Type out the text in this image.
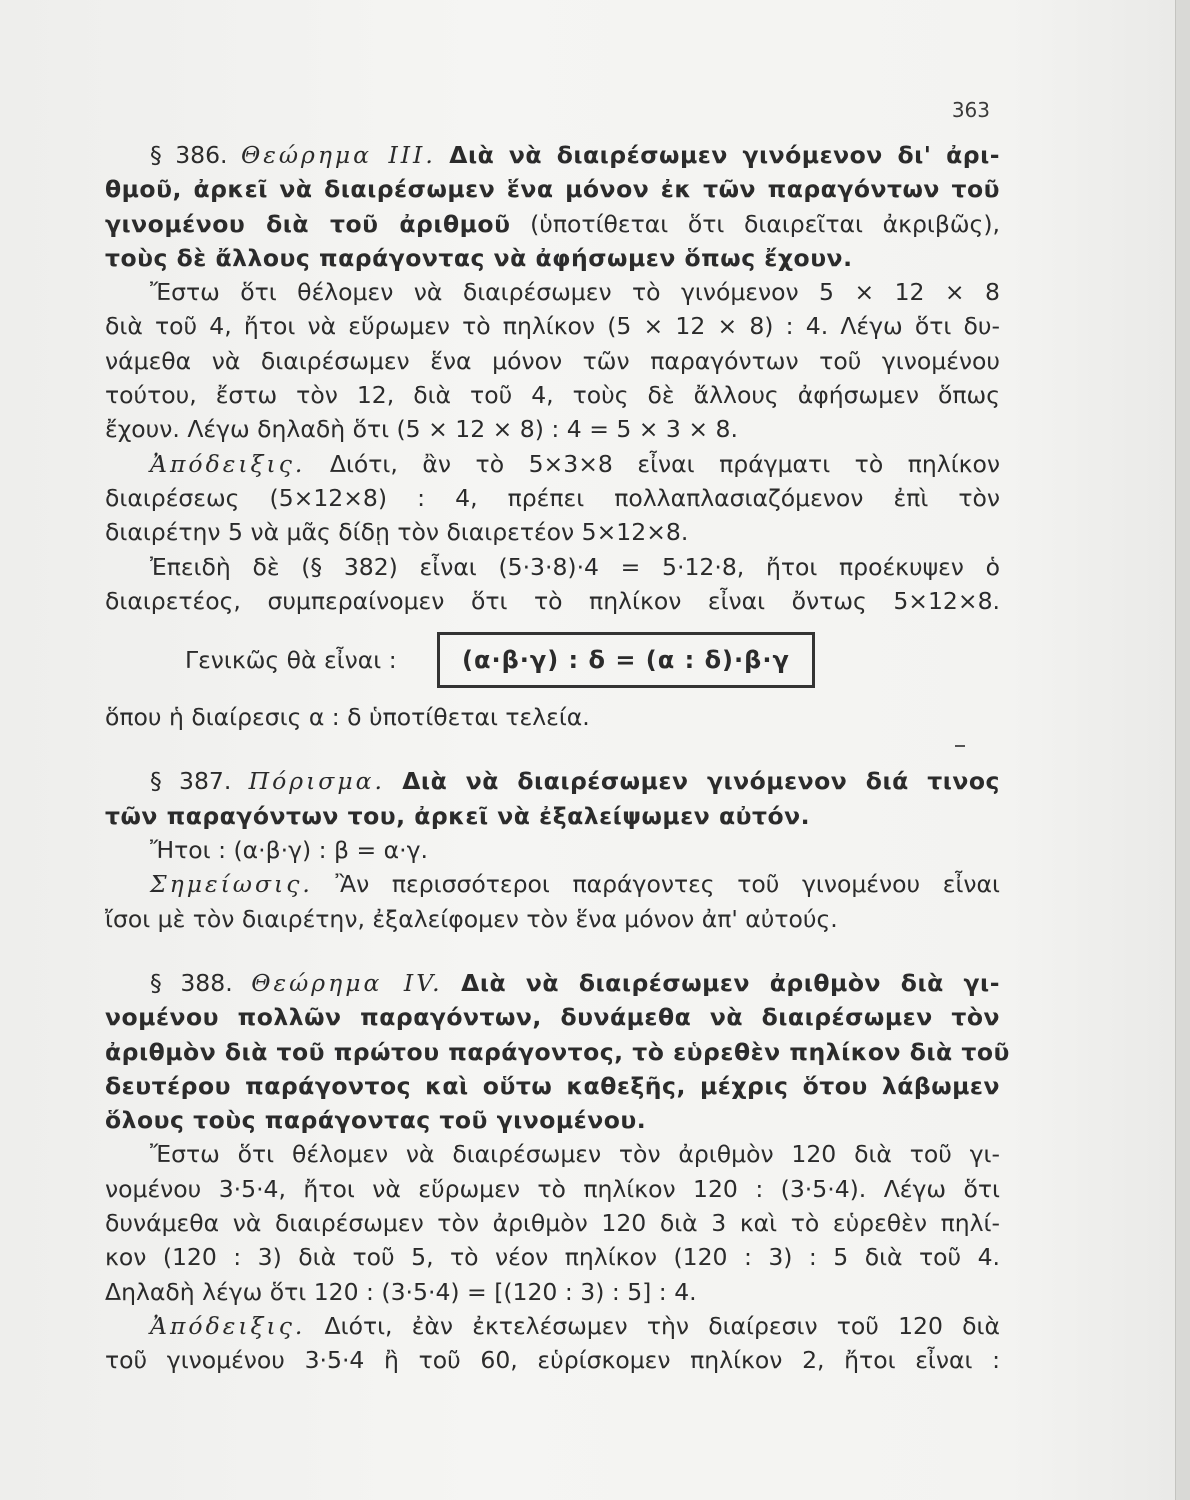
363
§ 386. Θεώρημα III. Διὰ νὰ διαιρέσωμεν γινόμενον δι' ἀρι-
θμοῦ, ἀρκεῖ νὰ διαιρέσωμεν ἕνα μόνον ἐκ τῶν παραγόντων τοῦ
γινομένου διὰ τοῦ ἀριθμοῦ (ὑποτίθεται ὅτι διαιρεῖται ἀκριβῶς),
τοὺς δὲ ἄλλους παράγοντας νὰ ἀφήσωμεν ὅπως ἔχουν.
Ἔστω ὅτι θέλομεν νὰ διαιρέσωμεν τὸ γινόμενον 5 × 12 × 8
διὰ τοῦ 4, ἤτοι νὰ εὕρωμεν τὸ πηλίκον (5 × 12 × 8) : 4. Λέγω ὅτι δυ-
νάμεθα νὰ διαιρέσωμεν ἕνα μόνον τῶν παραγόντων τοῦ γινομένου
τούτου, ἔστω τὸν 12, διὰ τοῦ 4, τοὺς δὲ ἄλλους ἀφήσωμεν ὅπως
ἔχουν. Λέγω δηλαδὴ ὅτι (5 × 12 × 8) : 4 = 5 × 3 × 8.
Ἀπόδειξις. Διότι, ἂν τὸ 5×3×8 εἶναι πράγματι τὸ πηλίκον
διαιρέσεως (5×12×8) : 4, πρέπει πολλαπλασιαζόμενον ἐπὶ τὸν
διαιρέτην 5 νὰ μᾶς δίδῃ τὸν διαιρετέον 5×12×8.
Ἐπειδὴ δὲ (§ 382) εἶναι (5·3·8)·4 = 5·12·8, ἤτοι προέκυψεν ὁ
διαιρετέος, συμπεραίνομεν ὅτι τὸ πηλίκον εἶναι ὄντως 5×12×8.
Γενικῶς θὰ εἶναι :	(α·β·γ) : δ = (α : δ)·β·γ
ὅπου ἡ διαίρεσις α : δ ὑποτίθεται τελεία.
§ 387. Πόρισμα. Διὰ νὰ διαιρέσωμεν γινόμενον διά τινος
τῶν παραγόντων του, ἀρκεῖ νὰ ἐξαλείψωμεν αὐτόν.
Ἤτοι : (α·β·γ) : β = α·γ.
Σημείωσις. Ἂν περισσότεροι παράγοντες τοῦ γινομένου εἶναι
ἴσοι μὲ τὸν διαιρέτην, ἐξαλείφομεν τὸν ἕνα μόνον ἀπ' αὐτούς.
§ 388. Θεώρημα IV. Διὰ νὰ διαιρέσωμεν ἀριθμὸν διὰ γι-
νομένου πολλῶν παραγόντων, δυνάμεθα νὰ διαιρέσωμεν τὸν
ἀριθμὸν διὰ τοῦ πρώτου παράγοντος, τὸ εὑρεθὲν πηλίκον διὰ τοῦ
δευτέρου παράγοντος καὶ οὕτω καθεξῆς, μέχρις ὅτου λάβωμεν
ὅλους τοὺς παράγοντας τοῦ γινομένου.
Ἔστω ὅτι θέλομεν νὰ διαιρέσωμεν τὸν ἀριθμὸν 120 διὰ τοῦ γι-
νομένου 3·5·4, ἤτοι νὰ εὕρωμεν τὸ πηλίκον 120 : (3·5·4). Λέγω ὅτι
δυνάμεθα νὰ διαιρέσωμεν τὸν ἀριθμὸν 120 διὰ 3 καὶ τὸ εὑρεθὲν πηλί-
κον (120 : 3) διὰ τοῦ 5, τὸ νέον πηλίκον (120 : 3) : 5 διὰ τοῦ 4.
Δηλαδὴ λέγω ὅτι 120 : (3·5·4) = [(120 : 3) : 5] : 4.
Ἀπόδειξις. Διότι, ἐὰν ἐκτελέσωμεν τὴν διαίρεσιν τοῦ 120 διὰ
τοῦ γινομένου 3·5·4 ἢ τοῦ 60, εὑρίσκομεν πηλίκον 2, ἤτοι εἶναι :
